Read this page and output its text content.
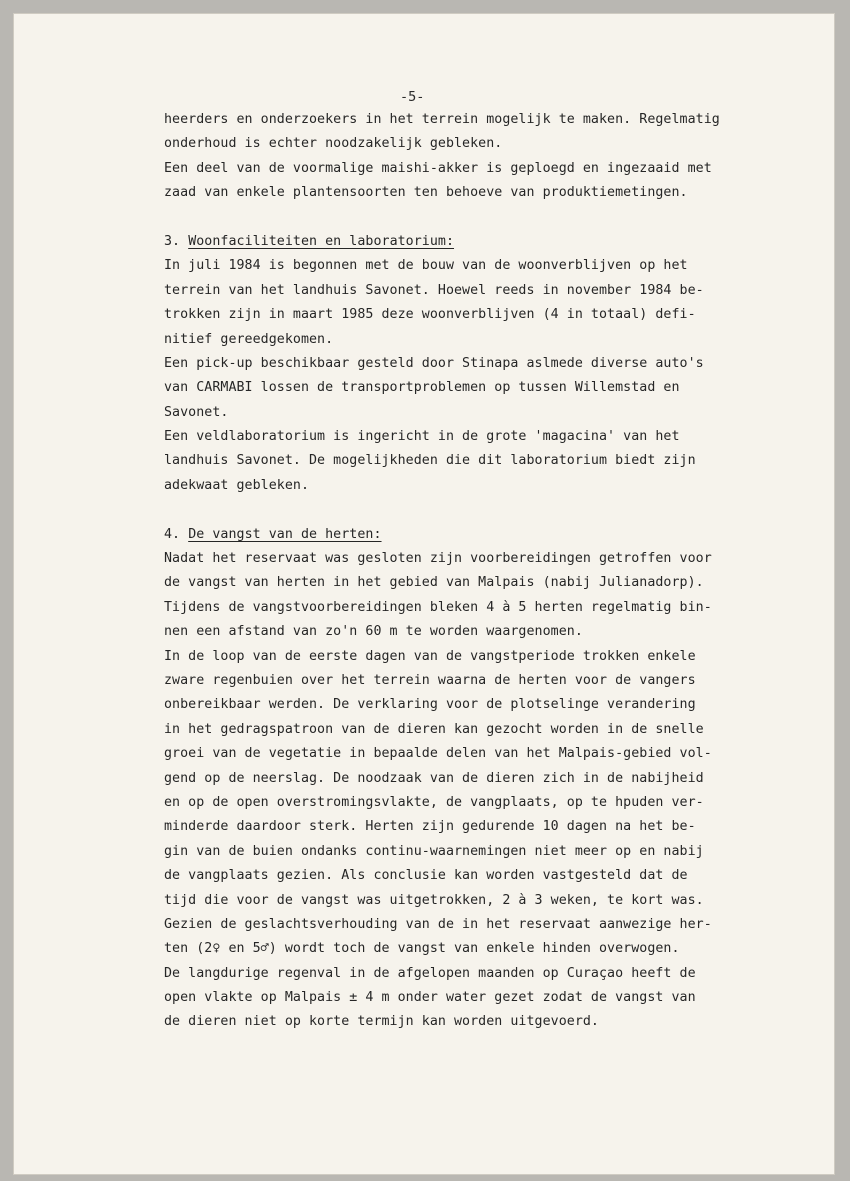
-5-
heerders en onderzoekers in het terrein mogelijk te maken. Regelmatig
onderhoud is echter noodzakelijk gebleken.
Een deel van de voormalige maishi-akker is geploegd en ingezaaid met
zaad van enkele plantensoorten ten behoeve van produktiemetingen.
3. Woonfaciliteiten en laboratorium:
In juli 1984 is begonnen met de bouw van de woonverblijven op het
terrein van het landhuis Savonet. Hoewel reeds in november 1984 be-
trokken zijn in maart 1985 deze woonverblijven (4 in totaal) defi-
nitief gereedgekomen.
Een pick-up beschikbaar gesteld door Stinapa aslmede diverse auto's
van CARMABI lossen de transportproblemen op tussen Willemstad en
Savonet.
Een veldlaboratorium is ingericht in de grote 'magacina' van het
landhuis Savonet. De mogelijkheden die dit laboratorium biedt zijn
adekwaat gebleken.
4. De vangst van de herten:
Nadat het reservaat was gesloten zijn voorbereidingen getroffen voor
de vangst van herten in het gebied van Malpais (nabij Julianadorp).
Tijdens de vangstvoorbereidingen bleken 4 à 5 herten regelmatig bin-
nen een afstand van zo'n 60 m te worden waargenomen.
In de loop van de eerste dagen van de vangstperiode trokken enkele
zware regenbuien over het terrein waarna de herten voor de vangers
onbereikbaar werden. De verklaring voor de plotselinge verandering
in het gedragspatroon van de dieren kan gezocht worden in de snelle
groei van de vegetatie in bepaalde delen van het Malpais-gebied vol-
gend op de neerslag. De noodzaak van de dieren zich in de nabijheid
en op de open overstromingsvlakte, de vangplaats, op te hpuden ver-
minderde daardoor sterk. Herten zijn gedurende 10 dagen na het be-
gin van de buien ondanks continu-waarnemingen niet meer op en nabij
de vangplaats gezien. Als conclusie kan worden vastgesteld dat de
tijd die voor de vangst was uitgetrokken, 2 à 3 weken, te kort was.
Gezien de geslachtsverhouding van de in het reservaat aanwezige her-
ten (2♀ en 5♂) wordt toch de vangst van enkele hinden overwogen.
De langdurige regenval in de afgelopen maanden op Curaçao heeft de
open vlakte op Malpais ± 4 m onder water gezet zodat de vangst van
de dieren niet op korte termijn kan worden uitgevoerd.
